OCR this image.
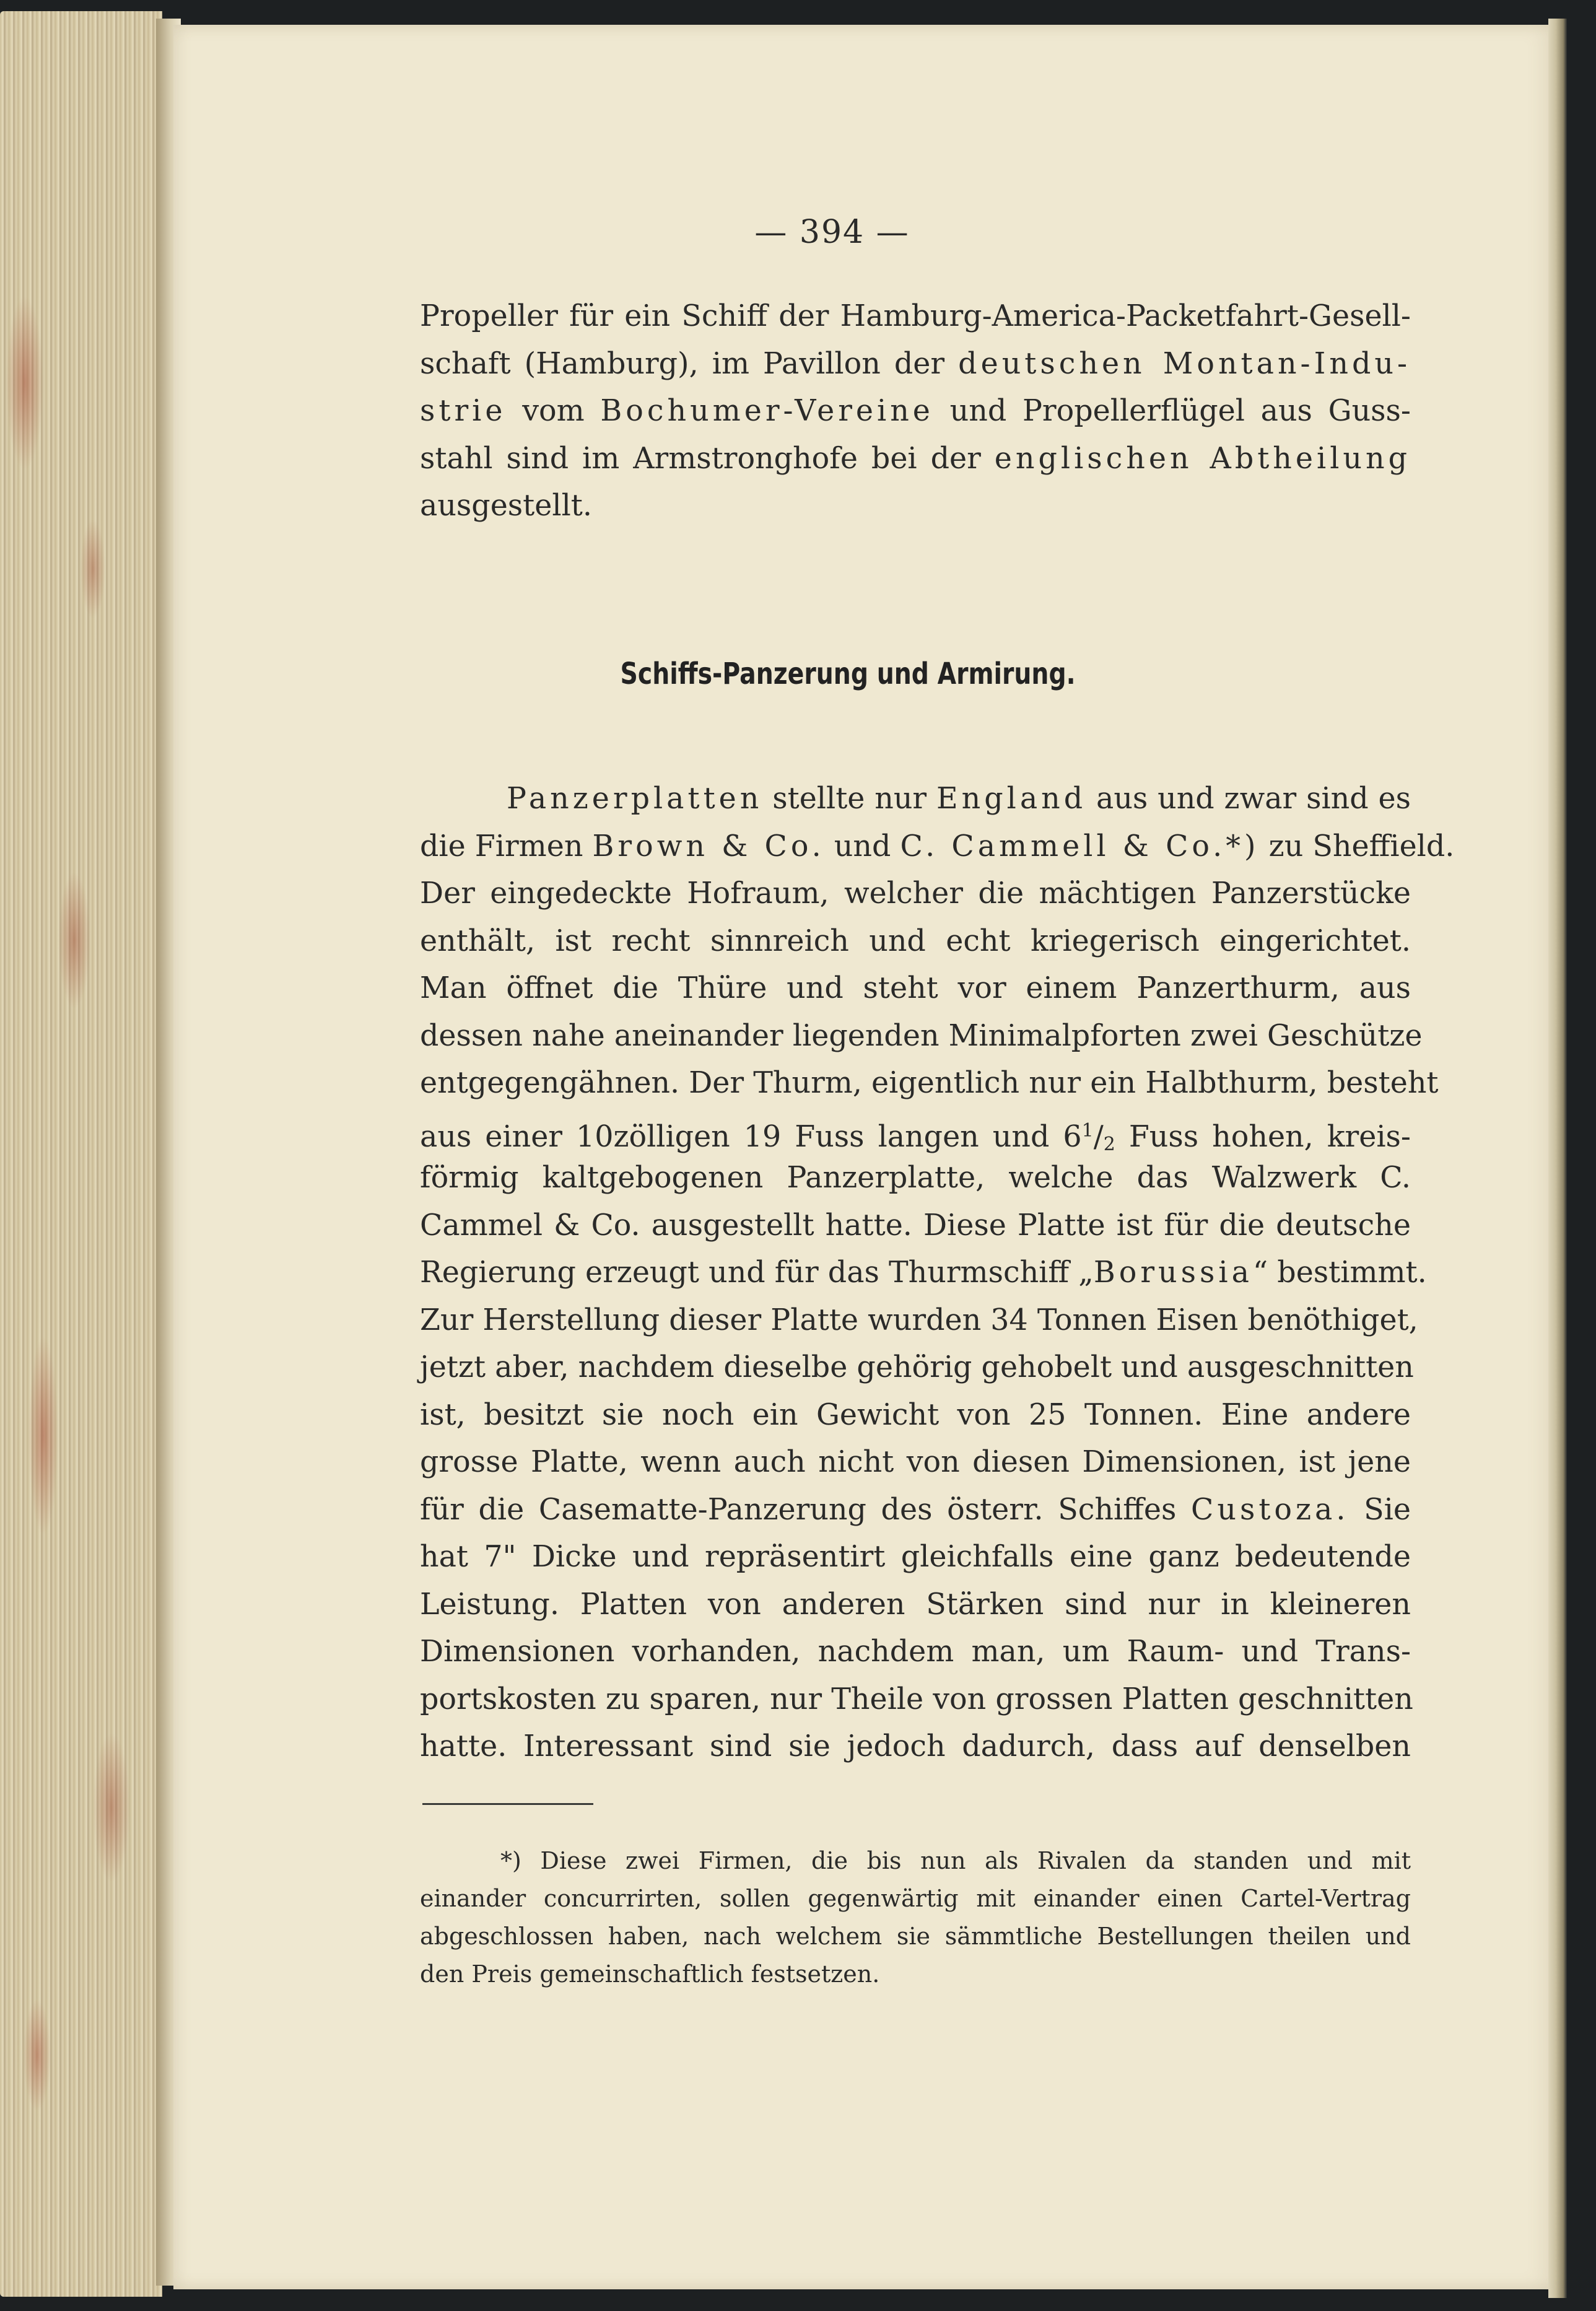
— 394 —
Propeller für ein Schiff der Hamburg-America-Packetfahrt-Gesell-
schaft (Hamburg), im Pavillon der deutschen Montan-Indu-
strie vom Bochumer-Vereine und Propellerflügel aus Guss-
stahl sind im Armstronghofe bei der englischen Abtheilung
ausgestellt.
Schiffs-Panzerung und Armirung.
Panzerplatten stellte nur England aus und zwar sind es
die Firmen Brown & Co. und C. Cammell & Co.*) zu Sheffield.
Der eingedeckte Hofraum, welcher die mächtigen Panzerstücke
enthält, ist recht sinnreich und echt kriegerisch eingerichtet.
Man öffnet die Thüre und steht vor einem Panzerthurm, aus
dessen nahe aneinander liegenden Minimalpforten zwei Geschütze
entgegengähnen. Der Thurm, eigentlich nur ein Halbthurm, besteht
aus einer 10zölligen 19 Fuss langen und $6^1/2$ Fuss hohen, kreis-
förmig kaltgebogenen Panzerplatte, welche das Walzwerk C.
Cammel & Co. ausgestellt hatte. Diese Platte ist für die deutsche
Regierung erzeugt und für das Thurmschiff „Borussia“ bestimmt.
Zur Herstellung dieser Platte wurden 34 Tonnen Eisen benöthiget,
jetzt aber, nachdem dieselbe gehörig gehobelt und ausgeschnitten
ist, besitzt sie noch ein Gewicht von 25 Tonnen. Eine andere
grosse Platte, wenn auch nicht von diesen Dimensionen, ist jene
für die Casematte-Panzerung des österr. Schiffes Custoza. Sie
hat 7" Dicke und repräsentirt gleichfalls eine ganz bedeutende
Leistung. Platten von anderen Stärken sind nur in kleineren
Dimensionen vorhanden, nachdem man, um Raum- und Trans-
portskosten zu sparen, nur Theile von grossen Platten geschnitten
hatte. Interessant sind sie jedoch dadurch, dass auf denselben
*) Diese zwei Firmen, die bis nun als Rivalen da standen und mit
einander concurrirten, sollen gegenwärtig mit einander einen Cartel-Vertrag
abgeschlossen haben, nach welchem sie sämmtliche Bestellungen theilen und
den Preis gemeinschaftlich festsetzen.
